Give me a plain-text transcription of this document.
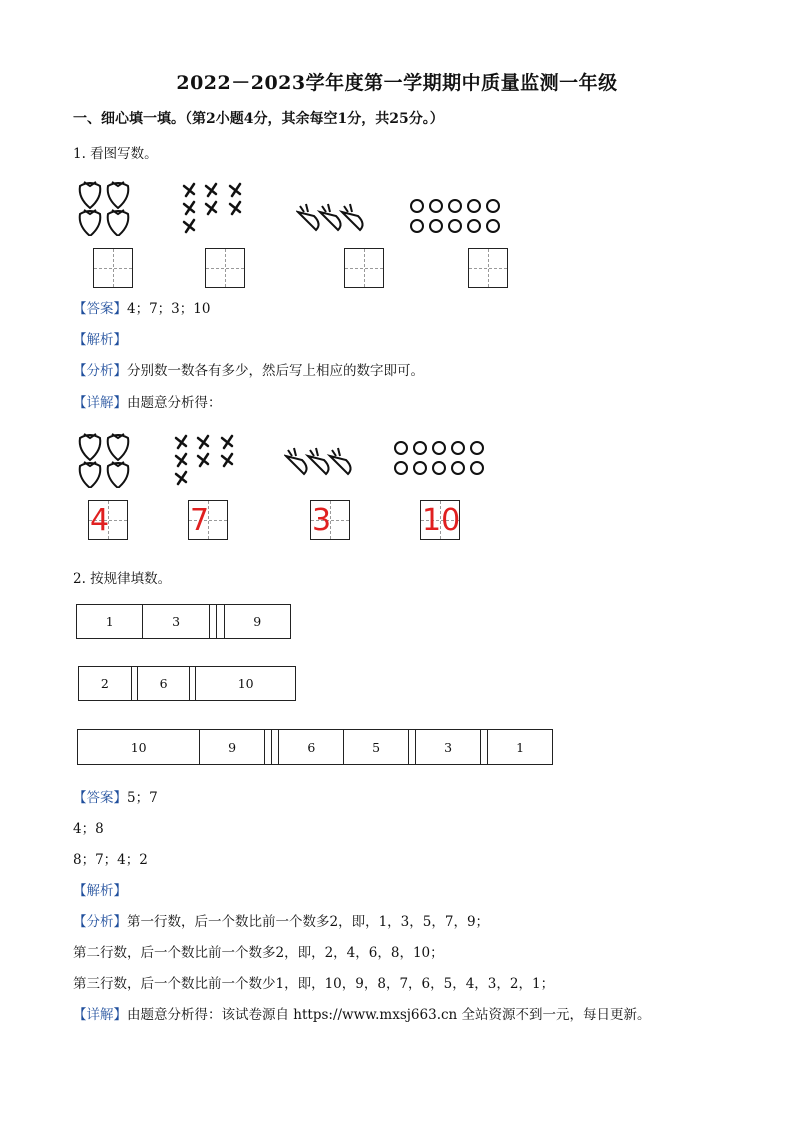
2022－2023学年度第一学期期中质量监测一年级
一、细心填一填。（第2小题4分，其余每空1分，共25分。）
1. 看图写数。
【答案】4；7；3；10
【解析】
【分析】分别数一数各有多少，然后写上相应的数字即可。
【详解】由题意分析得：
4	7	3	10
2. 按规律填数。
1	3			9
2		6		10
10	9			6	5		3		1
【答案】5；7
4；8
8；7；4；2
【解析】
【分析】第一行数，后一个数比前一个数多2，即，1，3，5，7，9；
第二行数，后一个数比前一个数多2，即，2，4，6，8，10；
第三行数，后一个数比前一个数少1，即，10，9，8，7，6，5，4，3，2，1；
【详解】由题意分析得：该试卷源自 https://www.mxsj663.cn 全站资源不到一元，每日更新。
